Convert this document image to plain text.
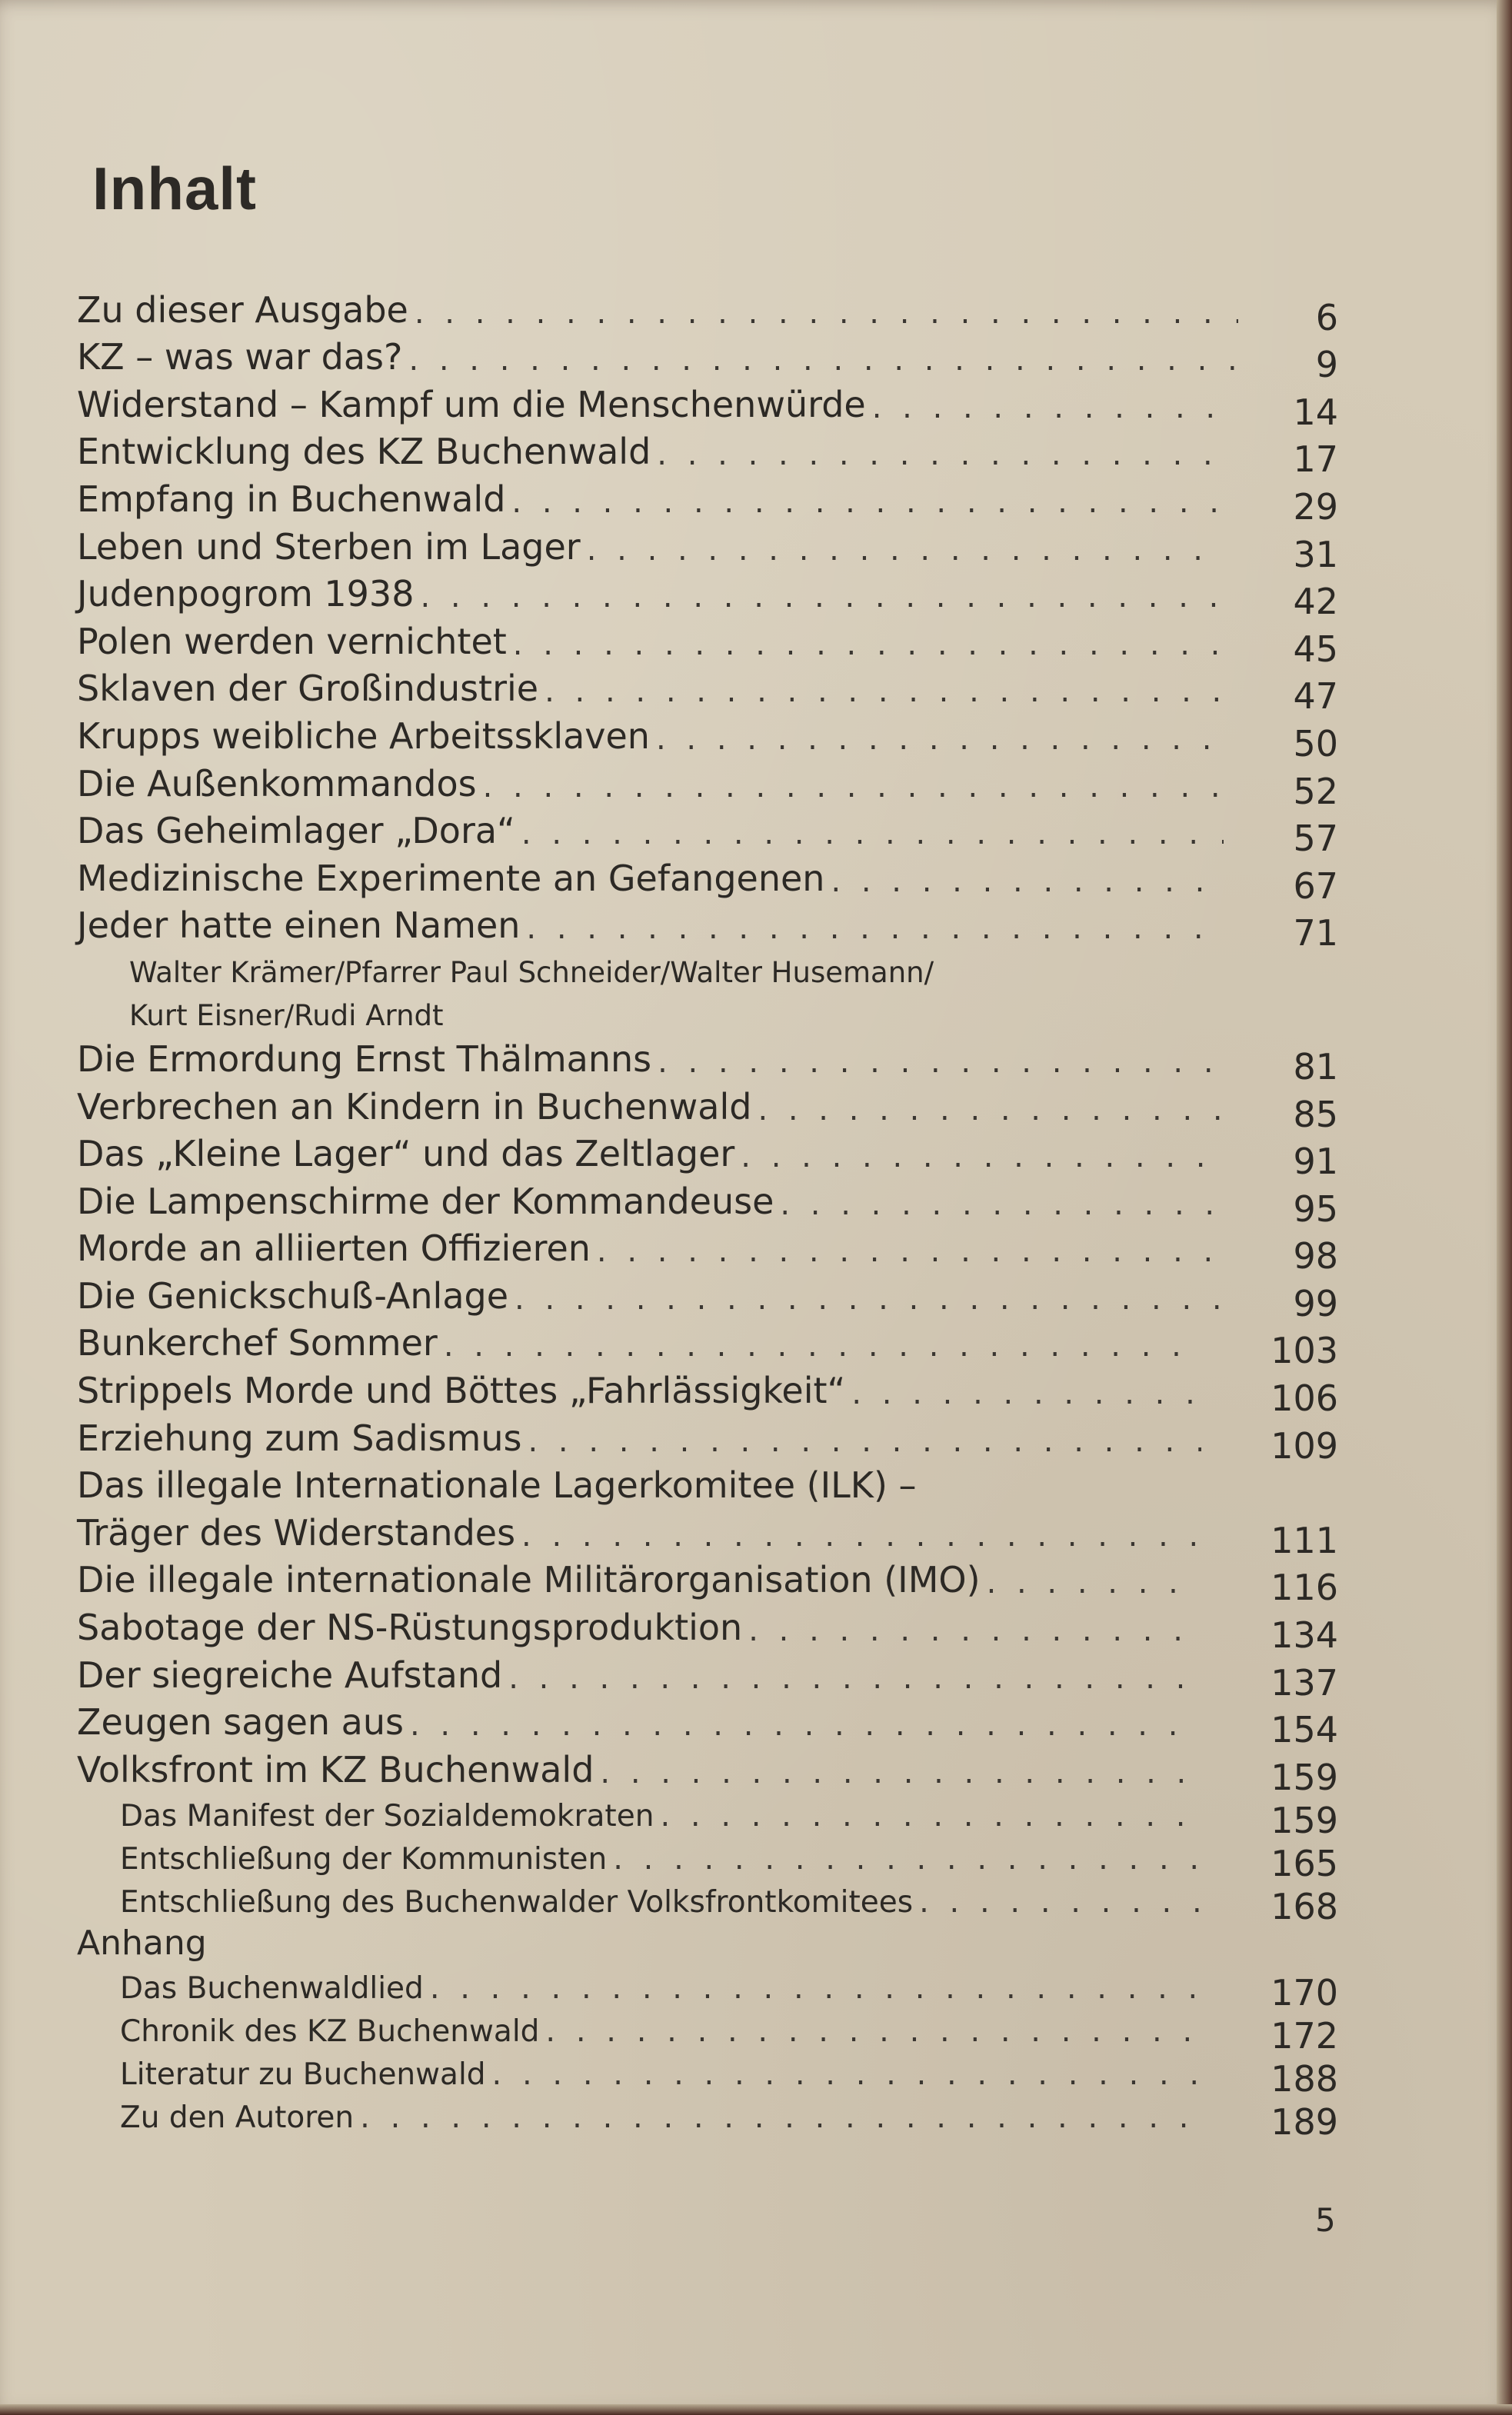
Inhalt
Zu dieser Ausgabe . . .	6
KZ – was war das? . . .	9
Widerstand – Kampf um die Menschenwürde . . .	14
Entwicklung des KZ Buchenwald . . .	17
Empfang in Buchenwald . . .	29
Leben und Sterben im Lager . . .	31
Judenpogrom 1938 . . .	42
Polen werden vernichtet . . .	45
Sklaven der Großindustrie . . .	47
Krupps weibliche Arbeitssklaven . . .	50
Die Außenkommandos . . .	52
Das Geheimlager „Dora“ . . .	57
Medizinische Experimente an Gefangenen . . .	67
Jeder hatte einen Namen . . .	71
Walter Krämer/Pfarrer Paul Schneider/Walter Husemann/
Kurt Eisner/Rudi Arndt
Die Ermordung Ernst Thälmanns . . .	81
Verbrechen an Kindern in Buchenwald . . .	85
Das „Kleine Lager“ und das Zeltlager . . .	91
Die Lampenschirme der Kommandeuse . . .	95
Morde an alliierten Offizieren . . .	98
Die Genickschuß-Anlage . . .	99
Bunkerchef Sommer . . .	103
Strippels Morde und Böttes „Fahrlässigkeit“ . . .	106
Erziehung zum Sadismus . . .	109
Das illegale Internationale Lagerkomitee (ILK) –
Träger des Widerstandes . . .	111
Die illegale internationale Militärorganisation (IMO) . . .	116
Sabotage der NS-Rüstungsproduktion . . .	134
Der siegreiche Aufstand . . .	137
Zeugen sagen aus . . .	154
Volksfront im KZ Buchenwald . . .	159
Das Manifest der Sozialdemokraten . . .	159
Entschließung der Kommunisten . . .	165
Entschließung des Buchenwalder Volksfrontkomitees . . .	168
Anhang
Das Buchenwaldlied . . .	170
Chronik des KZ Buchenwald . . .	172
Literatur zu Buchenwald . . .	188
Zu den Autoren . . .	189
5
